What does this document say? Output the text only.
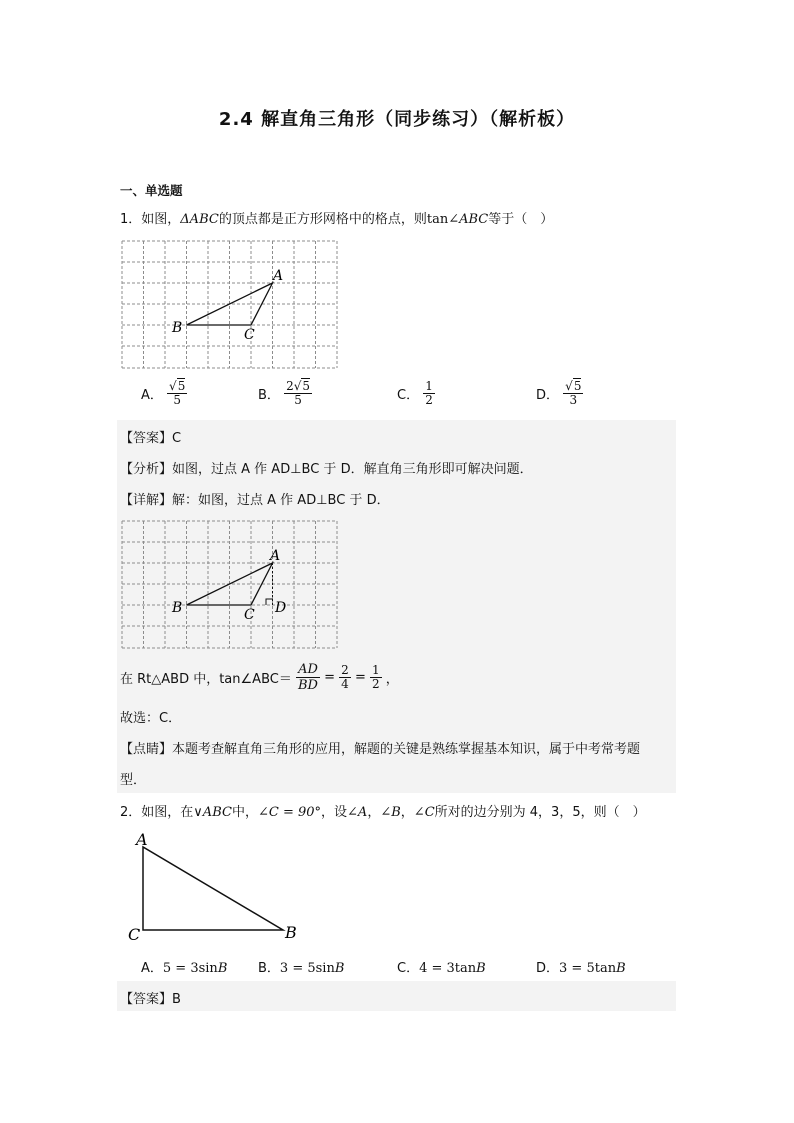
2.4 解直角三角形（同步练习）（解析板）
一、单选题
1．如图，ΔABC的顶点都是正方形网格中的格点，则tan∠ABC等于（　）
A
B	C
A． $\frac{√5}{5}$	B． $\frac{2√5}{5}$	C． $\frac{1}{2}$	D． $\frac{√5}{3}$
【答案】C
【分析】如图，过点 A 作 AD⊥BC 于 D．解直角三角形即可解决问题．
【详解】解：如图，过点 A 作 AD⊥BC 于 D．
A
B	C D
在 Rt△ABD 中，tan∠ABC＝ $\frac{AD}{BD} = \frac{2}{4} = \frac{1}{2}$ ，
故选：C．
【点睛】本题考查解直角三角形的应用，解题的关键是熟练掌握基本知识，属于中考常考题
型．
2．如图，在∨ABC中，∠C = 90°，设∠A，∠B，∠C所对的边分别为 4，3，5，则（　）
A
C	B
A．5 = 3sinB B．3 = 5sinB	C．4 = 3tanB	D．3 = 5tanB
【答案】B
